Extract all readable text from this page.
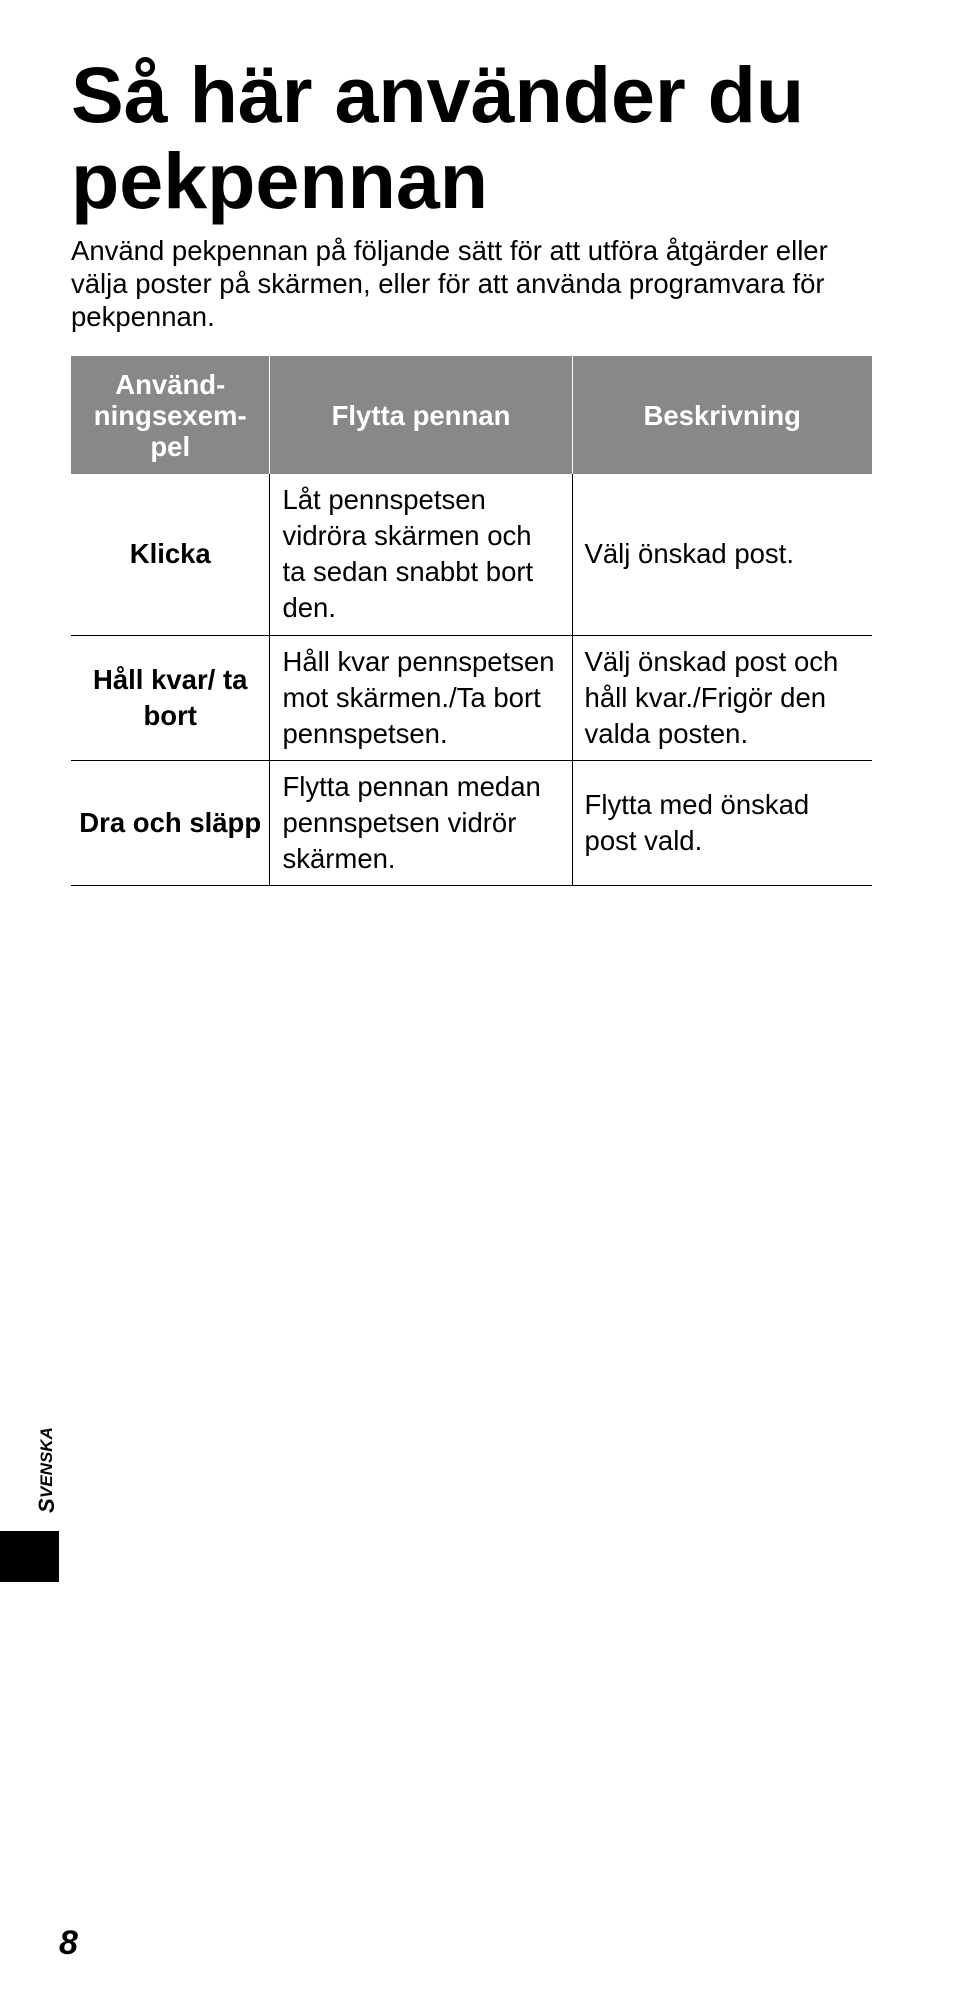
Så här använder du pekpennan

Använd pekpennan på följande sätt för att utföra åtgärder eller välja poster på skärmen, eller för att använda programvara för pekpennan.

Användningsexempel	Flytta pennan	Beskrivning
Klicka	Låt pennspetsen vidröra skärmen och ta sedan snabbt bort den.	Välj önskad post.
Håll kvar/ ta bort	Håll kvar pennspetsen mot skärmen./Ta bort pennspetsen.	Välj önskad post och håll kvar./Frigör den valda posten.
Dra och släpp	Flytta pennan medan pennspetsen vidrör skärmen.	Flytta med önskad post vald.
S
VENSKA
8
